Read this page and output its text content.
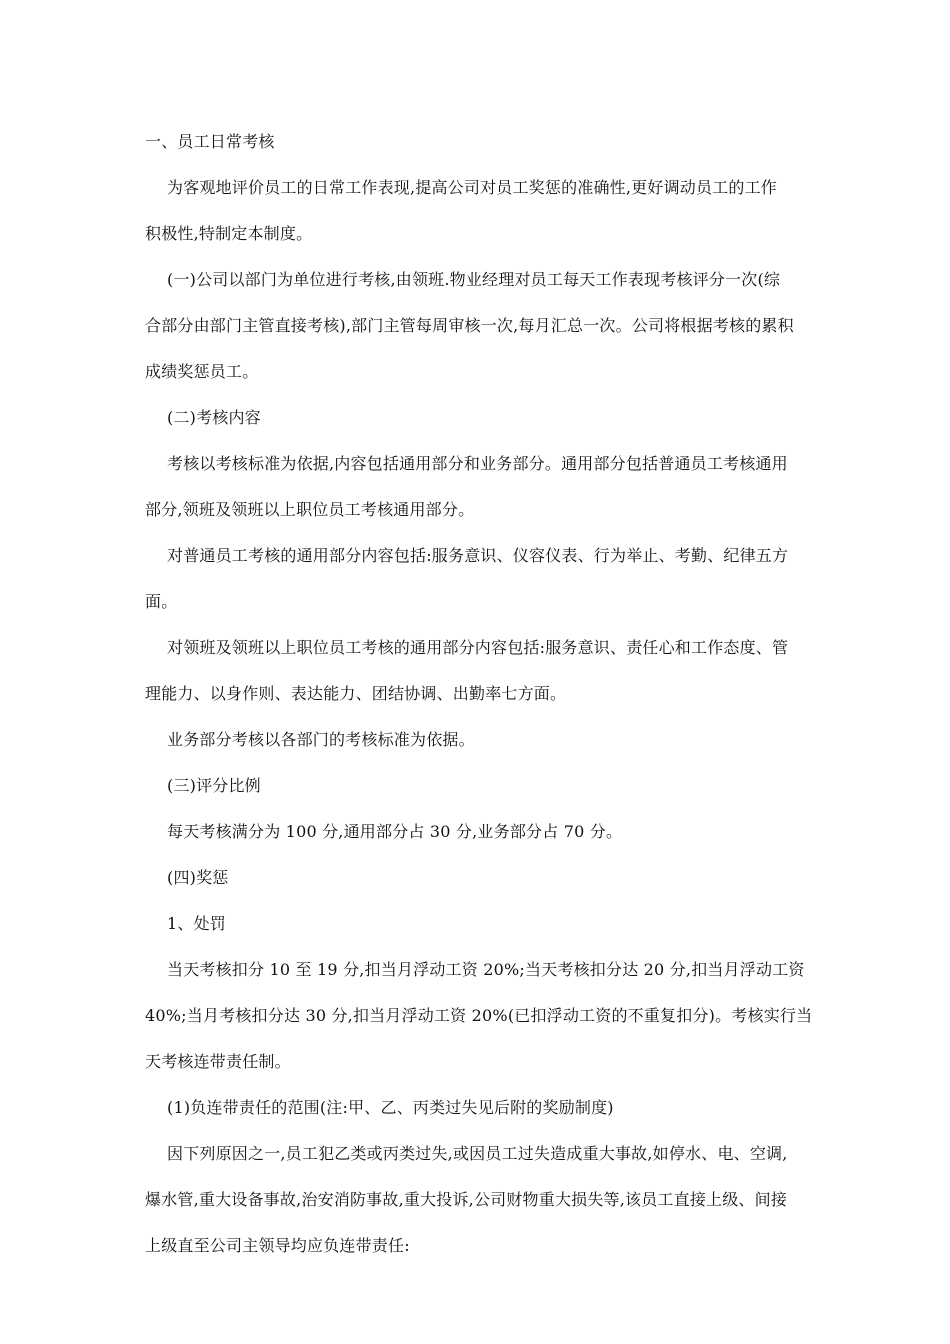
一、员工日常考核
为客观地评价员工的日常工作表现,提高公司对员工奖惩的准确性,更好调动员工的工作
积极性,特制定本制度。
(一)公司以部门为单位进行考核,由领班.物业经理对员工每天工作表现考核评分一次(综
合部分由部门主管直接考核),部门主管每周审核一次,每月汇总一次。公司将根据考核的累积
成绩奖惩员工。
(二)考核内容
考核以考核标准为依据,内容包括通用部分和业务部分。通用部分包括普通员工考核通用
部分,领班及领班以上职位员工考核通用部分。
对普通员工考核的通用部分内容包括:服务意识、仪容仪表、行为举止、考勤、纪律五方
面。
对领班及领班以上职位员工考核的通用部分内容包括:服务意识、责任心和工作态度、管
理能力、以身作则、表达能力、团结协调、出勤率七方面。
业务部分考核以各部门的考核标准为依据。
(三)评分比例
每天考核满分为 100 分,通用部分占 30 分,业务部分占 70 分。
(四)奖惩
1、处罚
当天考核扣分 10 至 19 分,扣当月浮动工资 20%;当天考核扣分达 20 分,扣当月浮动工资
40%;当月考核扣分达 30 分,扣当月浮动工资 20%(已扣浮动工资的不重复扣分)。考核实行当
天考核连带责任制。
(1)负连带责任的范围(注:甲、乙、丙类过失见后附的奖励制度)
因下列原因之一,员工犯乙类或丙类过失,或因员工过失造成重大事故,如停水、电、空调,
爆水管,重大设备事故,治安消防事故,重大投诉,公司财物重大损失等,该员工直接上级、间接
上级直至公司主领导均应负连带责任:
